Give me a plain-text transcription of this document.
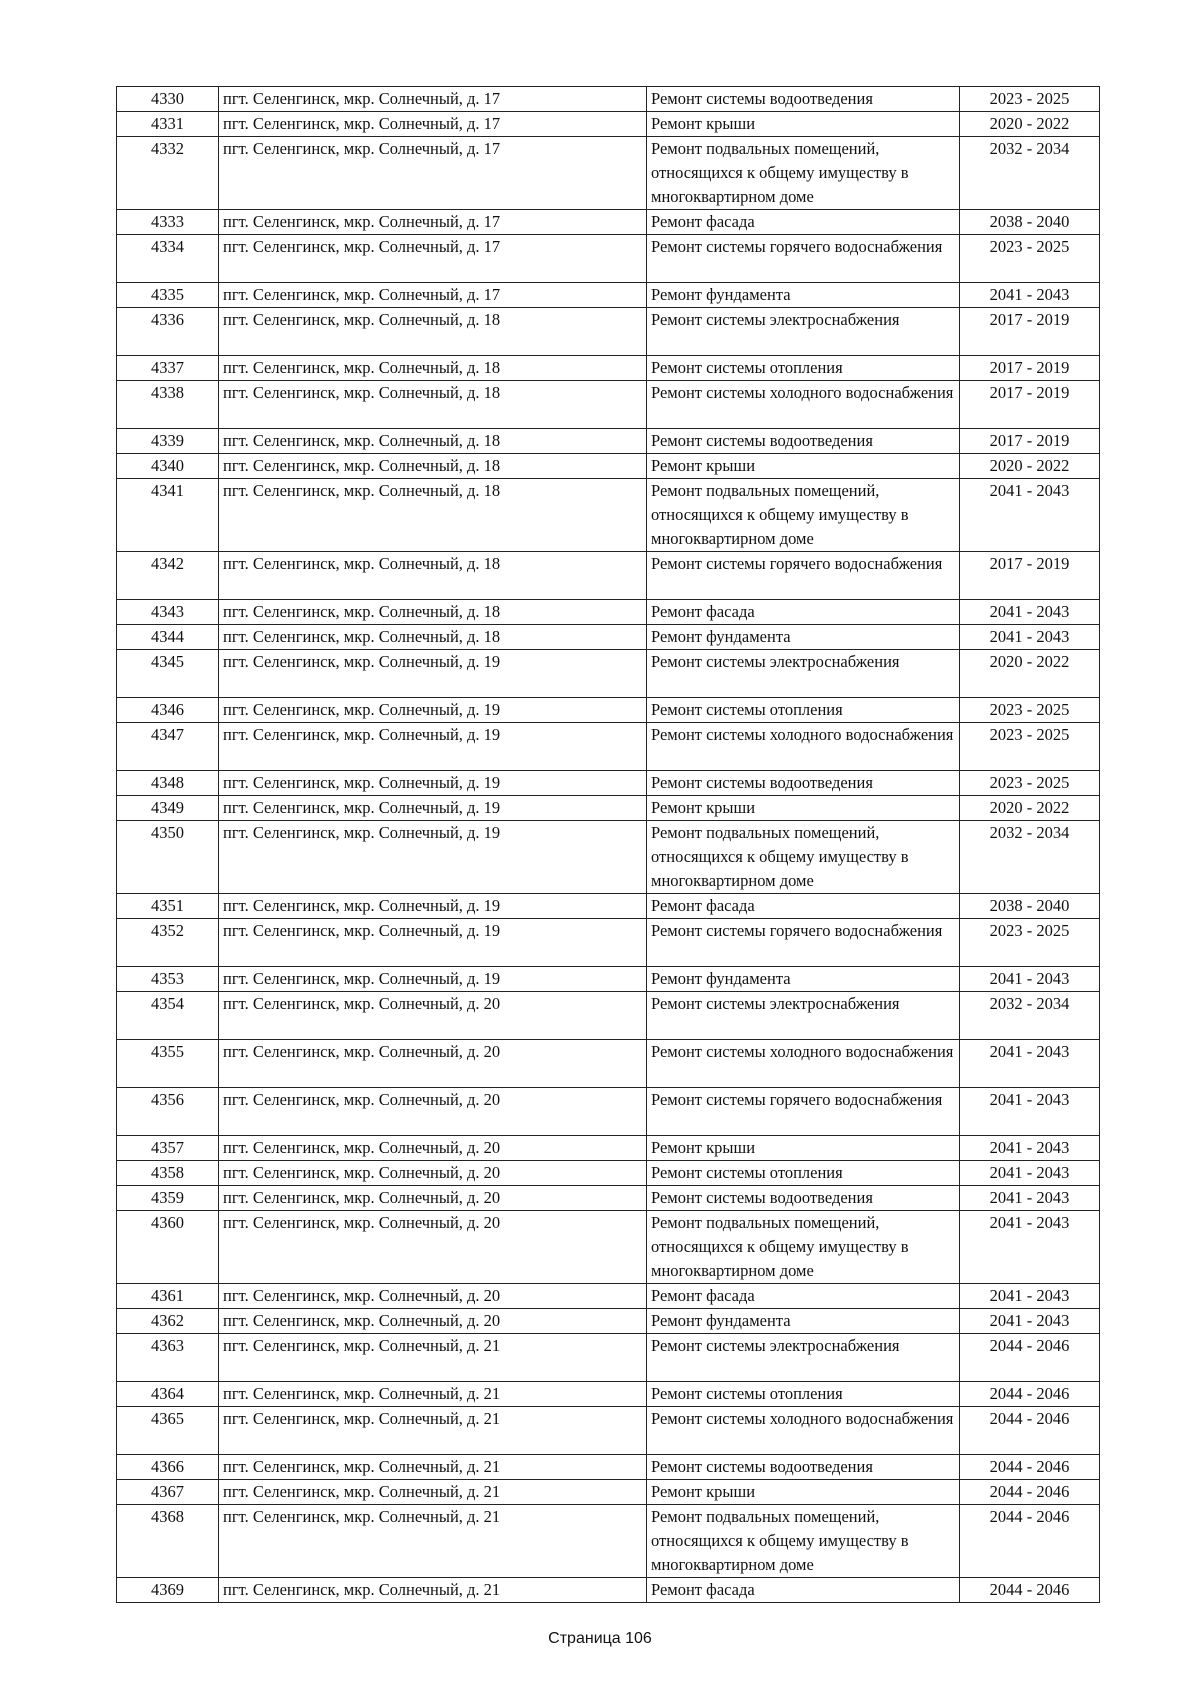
4330	пгт. Селенгинск, мкр. Солнечный, д. 17	Ремонт системы водоотведения	2023 - 2025
4331	пгт. Селенгинск, мкр. Солнечный, д. 17	Ремонт крыши	2020 - 2022
4332	пгт. Селенгинск, мкр. Солнечный, д. 17	Ремонт подвальных помещений, относящихся к общему имуществу в многоквартирном доме	2032 - 2034
4333	пгт. Селенгинск, мкр. Солнечный, д. 17	Ремонт фасада	2038 - 2040
4334	пгт. Селенгинск, мкр. Солнечный, д. 17	Ремонт системы горячего водоснабжения	2023 - 2025
4335	пгт. Селенгинск, мкр. Солнечный, д. 17	Ремонт фундамента	2041 - 2043
4336	пгт. Селенгинск, мкр. Солнечный, д. 18	Ремонт системы электроснабжения	2017 - 2019
4337	пгт. Селенгинск, мкр. Солнечный, д. 18	Ремонт системы отопления	2017 - 2019
4338	пгт. Селенгинск, мкр. Солнечный, д. 18	Ремонт системы холодного водоснабжения	2017 - 2019
4339	пгт. Селенгинск, мкр. Солнечный, д. 18	Ремонт системы водоотведения	2017 - 2019
4340	пгт. Селенгинск, мкр. Солнечный, д. 18	Ремонт крыши	2020 - 2022
4341	пгт. Селенгинск, мкр. Солнечный, д. 18	Ремонт подвальных помещений, относящихся к общему имуществу в многоквартирном доме	2041 - 2043
4342	пгт. Селенгинск, мкр. Солнечный, д. 18	Ремонт системы горячего водоснабжения	2017 - 2019
4343	пгт. Селенгинск, мкр. Солнечный, д. 18	Ремонт фасада	2041 - 2043
4344	пгт. Селенгинск, мкр. Солнечный, д. 18	Ремонт фундамента	2041 - 2043
4345	пгт. Селенгинск, мкр. Солнечный, д. 19	Ремонт системы электроснабжения	2020 - 2022
4346	пгт. Селенгинск, мкр. Солнечный, д. 19	Ремонт системы отопления	2023 - 2025
4347	пгт. Селенгинск, мкр. Солнечный, д. 19	Ремонт системы холодного водоснабжения	2023 - 2025
4348	пгт. Селенгинск, мкр. Солнечный, д. 19	Ремонт системы водоотведения	2023 - 2025
4349	пгт. Селенгинск, мкр. Солнечный, д. 19	Ремонт крыши	2020 - 2022
4350	пгт. Селенгинск, мкр. Солнечный, д. 19	Ремонт подвальных помещений, относящихся к общему имуществу в многоквартирном доме	2032 - 2034
4351	пгт. Селенгинск, мкр. Солнечный, д. 19	Ремонт фасада	2038 - 2040
4352	пгт. Селенгинск, мкр. Солнечный, д. 19	Ремонт системы горячего водоснабжения	2023 - 2025
4353	пгт. Селенгинск, мкр. Солнечный, д. 19	Ремонт фундамента	2041 - 2043
4354	пгт. Селенгинск, мкр. Солнечный, д. 20	Ремонт системы электроснабжения	2032 - 2034
4355	пгт. Селенгинск, мкр. Солнечный, д. 20	Ремонт системы холодного водоснабжения	2041 - 2043
4356	пгт. Селенгинск, мкр. Солнечный, д. 20	Ремонт системы горячего водоснабжения	2041 - 2043
4357	пгт. Селенгинск, мкр. Солнечный, д. 20	Ремонт крыши	2041 - 2043
4358	пгт. Селенгинск, мкр. Солнечный, д. 20	Ремонт системы отопления	2041 - 2043
4359	пгт. Селенгинск, мкр. Солнечный, д. 20	Ремонт системы водоотведения	2041 - 2043
4360	пгт. Селенгинск, мкр. Солнечный, д. 20	Ремонт подвальных помещений, относящихся к общему имуществу в многоквартирном доме	2041 - 2043
4361	пгт. Селенгинск, мкр. Солнечный, д. 20	Ремонт фасада	2041 - 2043
4362	пгт. Селенгинск, мкр. Солнечный, д. 20	Ремонт фундамента	2041 - 2043
4363	пгт. Селенгинск, мкр. Солнечный, д. 21	Ремонт системы электроснабжения	2044 - 2046
4364	пгт. Селенгинск, мкр. Солнечный, д. 21	Ремонт системы отопления	2044 - 2046
4365	пгт. Селенгинск, мкр. Солнечный, д. 21	Ремонт системы холодного водоснабжения	2044 - 2046
4366	пгт. Селенгинск, мкр. Солнечный, д. 21	Ремонт системы водоотведения	2044 - 2046
4367	пгт. Селенгинск, мкр. Солнечный, д. 21	Ремонт крыши	2044 - 2046
4368	пгт. Селенгинск, мкр. Солнечный, д. 21	Ремонт подвальных помещений, относящихся к общему имуществу в многоквартирном доме	2044 - 2046
4369	пгт. Селенгинск, мкр. Солнечный, д. 21	Ремонт фасада	2044 - 2046
Страница 106
